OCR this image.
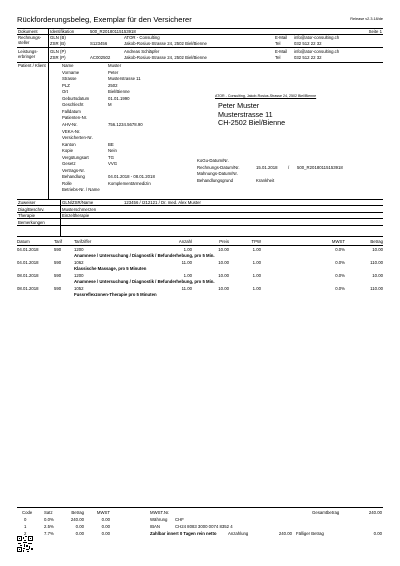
Rückforderungsbeleg, Exemplar für den Versicherer	Release v2.3.18/de
Dokument	Identifikation	500_R20180115153918	Seite 1
Rechnungs-
steller
GLN (B)
ZSR (B)	S123456
ATOR - Consulting
Jakob-Rosius-Strasse 24, 2502 Biel/Bienne
E-Mail info@ator-consulting.ch
Tel	032 512 22 32
Leistungs-
erbringer
GLN (P)
ZSR (P)	AC002502
Andreas Schläpfer
Jakob-Rosius-Strasse 24, 2502 Biel/Bienne
E-Mail info@ator-consulting.ch
Tel	032 512 22 32
Patient / Klient	Name	Muster
Vorname	Peter
Strasse	Musterstrasse 11
PLZ	2502
Ort	Biel/Bienne
Geburtsdatum	01.01.1990
Geschlecht	M
Falldatum
Patienten-Nr.
AHV-Nr.	756.1234.5678.90
VEKA-Nr.
Versicherten-Nr.
Kanton	BE
Kopie	Nein
Vergütungsart	TG
Gesetz	VVG
Vertrags-Nr.
Behandlung	04.01.2018 - 08.01.2018
Rolle	Komplementärmedizin
Betriebs-Nr. / Name
ATOR - Consulting, Jakob-Rosius-Strasse 24, 2502 Biel/Bienne
Peter Muster
Musterstrasse 11
CH-2502 Biel/Bienne
KoGu-Datum/Nr.
Rechnungs-Datum/Nr.	15.01.2018 / 500_R20180115153918
Mahnungs-Datum/Nr.
Behandlungsgrund	Krankheit
Zuweiser	GLN/ZSR/Name	123456 / I212121 / Dr. med. Alex Muster
Diag/Beschrv.	Musterschmerzen
Therapie	Einzeltherapie
Bemerkungen
Datum	Tarif	Tarifziffer	Anzahl	Preis	TPW	MWST	Betrag
04.01.2018	590	1200	1.00	10.00	1.00	0.0%	10.00
Anamnese / Untersuchung / Diagnostik / Befunderhebung, pro 5 Min.
04.01.2018	590	1062	11.00	10.00	1.00	0.0%	110.00
Klassische Massage, pro 5 Minuten
08.01.2018	590	1200	1.00	10.00	1.00	0.0%	10.00
Anamnese / Untersuchung / Diagnostik / Befunderhebung, pro 5 Min.
08.01.2018	590	1052	11.00	10.00	1.00	0.0%	110.00
Fussreflexzonen-Therapie pro 5 Minuten
Code	Satz	Betrag	MWST
0	0.0%	240.00	0.00
1	2.5%	0.00	0.00
2	7.7%	0.00	0.00
MWST.Nr.
Währung CHF
IBAN	CH24 8083 3000 0074 8352 4
Zahlbar innert 0 Tagen rein netto
Gesamtbetrag	240.00
Anzahlung	240.00 Fälliger Betrag	0.00
